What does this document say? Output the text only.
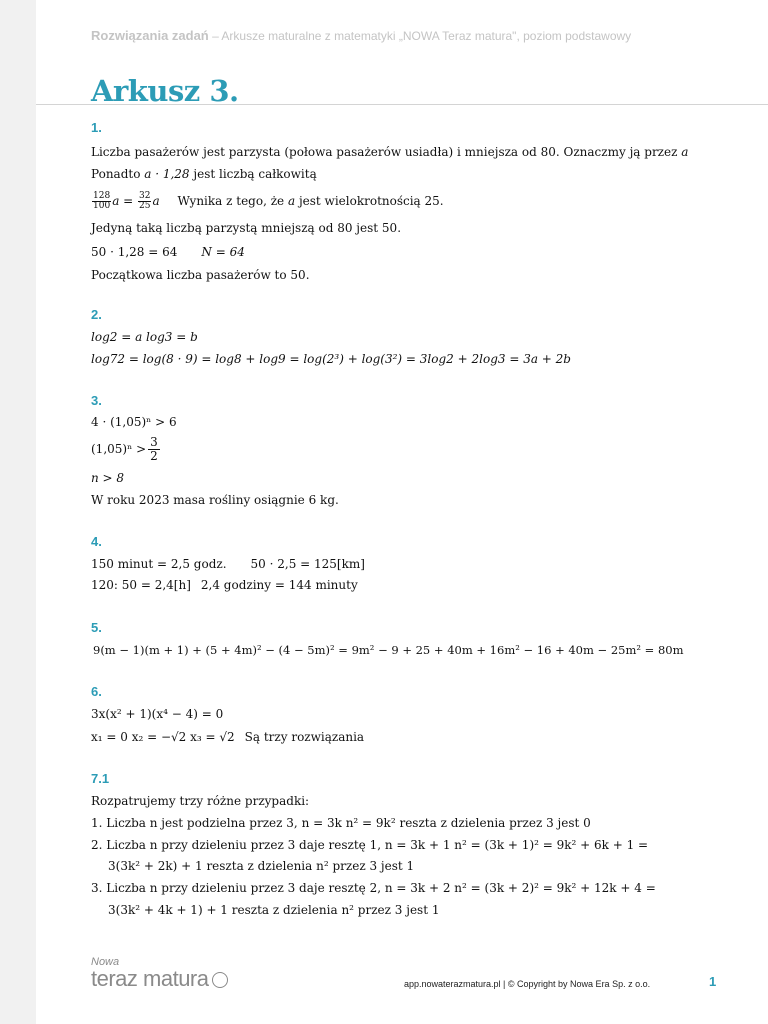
Rozwiązania zadań – Arkusze maturalne z matematyki „NOWA Teraz matura", poziom podstawowy
Arkusz 3.
1.
Liczba pasażerów jest parzysta (połowa pasażerów usiadła) i mniejsza od 80. Oznaczmy ją przez a
Ponadto a · 1,28 jest liczbą całkowitą
$\frac{128}{100}$ $a = \frac{32}{25}$ a Wynika z tego, że a jest wielokrotnością 25.
Jedyną taką liczbą parzystą mniejszą od 80 jest 50.
50 · 1,28 = 64 N = 64
Początkowa liczba pasażerów to 50.
2.
log2 = a log3 = b
log72 = log(8 · 9) = log8 + log9 = log(2³) + log(3²) = 3log2 + 2log3 = 3a + 2b
3.
4 · (1,05)ⁿ > 6
$(1,05)^n > \frac{3}{2}$
n > 8
W roku 2023 masa rośliny osiągnie 6 kg.
4.
150 minut = 2,5 godz. 50 · 2,5 = 125[km]
120: 50 = 2,4[h] 2,4 godziny = 144 minuty
5.
9(m − 1)(m + 1) + (5 + 4m)² − (4 − 5m)² = 9m² − 9 + 25 + 40m + 16m² − 16 + 40m − 25m² = 80m
6.
3x(x² + 1)(x⁴ − 4) = 0
x₁ = 0 x₂ = −√2 x₃ = √2 Są trzy rozwiązania
7.1
Rozpatrujemy trzy różne przypadki:
1. Liczba n jest podzielna przez 3, n = 3k n² = 9k² reszta z dzielenia przez 3 jest 0
2. Liczba n przy dzieleniu przez 3 daje resztę 1, n = 3k + 1 n² = (3k + 1)² = 9k² + 6k + 1 =
3(3k² + 2k) + 1 reszta z dzielenia n² przez 3 jest 1
3. Liczba n przy dzieleniu przez 3 daje resztę 2, n = 3k + 2 n² = (3k + 2)² = 9k² + 12k + 4 =
3(3k² + 4k + 1) + 1 reszta z dzielenia n² przez 3 jest 1
Nowa
teraz matura	app.nowaterazmatura.pl | © Copyright by Nowa Era Sp. z o.o.	1
